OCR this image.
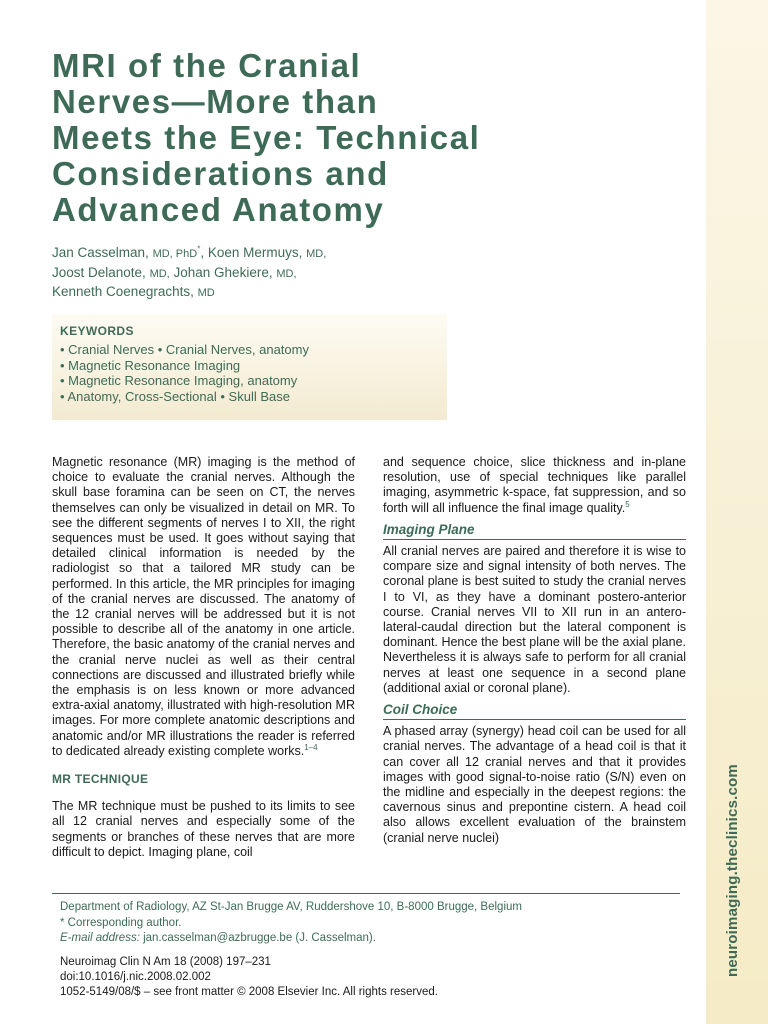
neuroimaging.theclinics.com
MRI of the Cranial
Nerves—More than
Meets the Eye: Technical
Considerations and
Advanced Anatomy
Jan Casselman, MD, PhD*, Koen Mermuys, MD,
Joost Delanote, MD, Johan Ghekiere, MD,
Kenneth Coenegrachts, MD
KEYWORDS
• Cranial Nerves • Cranial Nerves, anatomy
• Magnetic Resonance Imaging
• Magnetic Resonance Imaging, anatomy
• Anatomy, Cross-Sectional • Skull Base

Magnetic resonance (MR) imaging is the method of choice to evaluate the cranial nerves. Although the skull base foramina can be seen on CT, the nerves themselves can only be visualized in detail on MR. To see the different segments of nerves I to XII, the right sequences must be used. It goes without saying that detailed clinical information is needed by the radiologist so that a tailored MR study can be performed. In this article, the MR principles for imaging of the cranial nerves are discussed. The anatomy of the 12 cranial nerves will be addressed but it is not possible to describe all of the anatomy in one article. Therefore, the basic anatomy of the cranial nerves and the cranial nerve nuclei as well as their central connections are discussed and illustrated briefly while the emphasis is on less known or more advanced extra-axial anatomy, illustrated with high-resolution MR images. For more complete anatomic descriptions and anatomic and/or MR illustrations the reader is referred to dedicated already existing complete works.$^{1-4}$

MR TECHNIQUE

The MR technique must be pushed to its limits to see all 12 cranial nerves and especially some of the segments or branches of these nerves that are more difficult to depict. Imaging plane, coil

and sequence choice, slice thickness and in-plane resolution, use of special techniques like parallel imaging, asymmetric k-space, fat suppression, and so forth will all influence the final image quality.$^5$

Imaging Plane

All cranial nerves are paired and therefore it is wise to compare size and signal intensity of both nerves. The coronal plane is best suited to study the cranial nerves I to VI, as they have a dominant postero-anterior course. Cranial nerves VII to XII run in an antero-lateral-caudal direction but the lateral component is dominant. Hence the best plane will be the axial plane. Nevertheless it is always safe to perform for all cranial nerves at least one sequence in a second plane (additional axial or coronal plane).

Coil Choice

A phased array (synergy) head coil can be used for all cranial nerves. The advantage of a head coil is that it can cover all 12 cranial nerves and that it provides images with good signal-to-noise ratio (S/N) even on the midline and especially in the deepest regions: the cavernous sinus and prepontine cistern. A head coil also allows excellent evaluation of the brainstem (cranial nerve nuclei)

Department of Radiology, AZ St-Jan Brugge AV, Ruddershove 10, B-8000 Brugge, Belgium
* Corresponding author.
E-mail address: jan.casselman@azbrugge.be (J. Casselman).
Neuroimag Clin N Am 18 (2008) 197–231
doi:10.1016/j.nic.2008.02.002
1052-5149/08/$ – see front matter © 2008 Elsevier Inc. All rights reserved.
